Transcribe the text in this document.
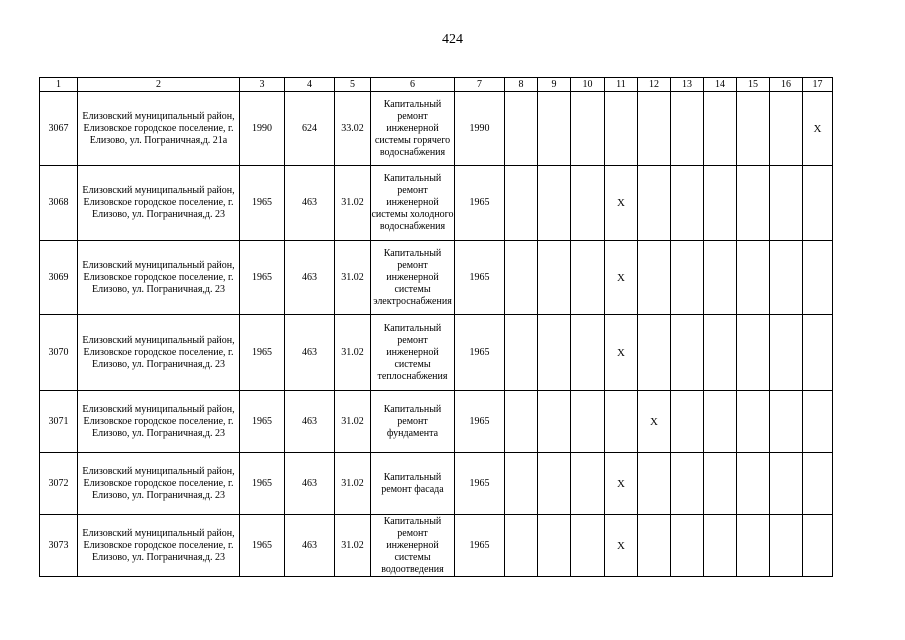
424
1	2	3	4	5	6	7	8	9	10	11	12	13	14	15	16	17
3067	Елизовский муниципальный район, Елизовское городское поселение, г. Елизово, ул. Пограничная,д. 21а	1990	624	33.02	Капитальный ремонт инженерной системы горячего водоснабжения	1990										X
3068	Елизовский муниципальный район, Елизовское городское поселение, г. Елизово, ул. Пограничная,д. 23	1965	463	31.02	Капитальный ремонт инженерной системы холодного водоснабжения	1965				X						
3069	Елизовский муниципальный район, Елизовское городское поселение, г. Елизово, ул. Пограничная,д. 23	1965	463	31.02	Капитальный ремонт инженерной системы электроснабжения	1965				X						
3070	Елизовский муниципальный район, Елизовское городское поселение, г. Елизово, ул. Пограничная,д. 23	1965	463	31.02	Капитальный ремонт инженерной системы теплоснабжения	1965				X						
3071	Елизовский муниципальный район, Елизовское городское поселение, г. Елизово, ул. Пограничная,д. 23	1965	463	31.02	Капитальный ремонт фундамента	1965					X					
3072	Елизовский муниципальный район, Елизовское городское поселение, г. Елизово, ул. Пограничная,д. 23	1965	463	31.02	Капитальный ремонт фасада	1965				X						
3073	Елизовский муниципальный район, Елизовское городское поселение, г. Елизово, ул. Пограничная,д. 23	1965	463	31.02	Капитальный ремонт инженерной системы водоотведения	1965				X						
